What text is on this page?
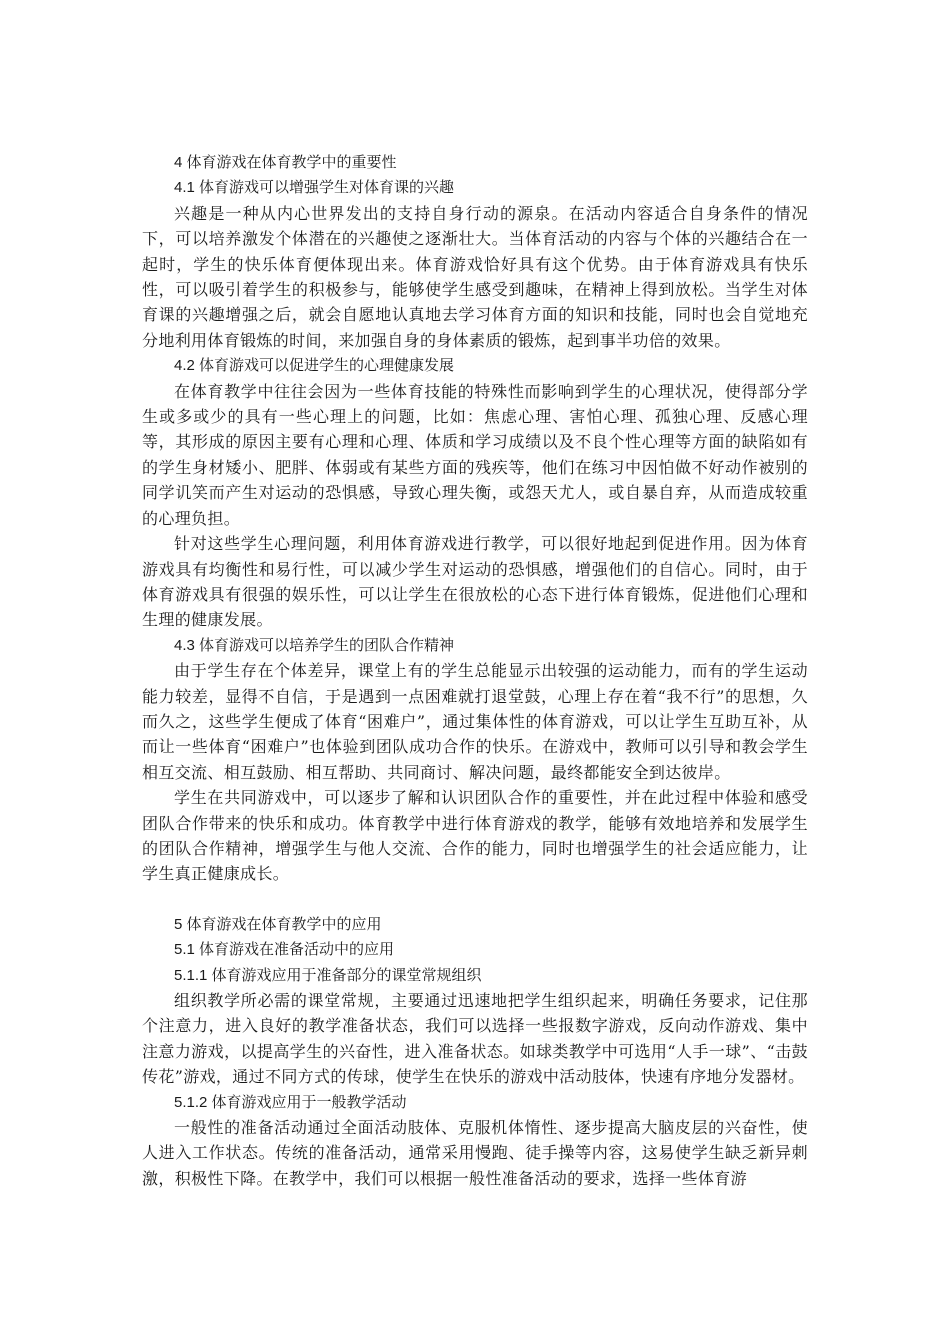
4 体育游戏在体育教学中的重要性

4.1 体育游戏可以增强学生对体育课的兴趣

兴趣是一种从内心世界发出的支持自身行动的源泉。在活动内容适合自身条件的情况下，可以培养激发个体潜在的兴趣使之逐渐壮大。当体育活动的内容与个体的兴趣结合在一起时，学生的快乐体育便体现出来。体育游戏恰好具有这个优势。由于体育游戏具有快乐性，可以吸引着学生的积极参与，能够使学生感受到趣味，在精神上得到放松。当学生对体育课的兴趣增强之后，就会自愿地认真地去学习体育方面的知识和技能，同时也会自觉地充分地利用体育锻炼的时间，来加强自身的身体素质的锻炼，起到事半功倍的效果。

4.2 体育游戏可以促进学生的心理健康发展

在体育教学中往往会因为一些体育技能的特殊性而影响到学生的心理状况，使得部分学生或多或少的具有一些心理上的问题，比如：焦虑心理、害怕心理、孤独心理、反感心理等，其形成的原因主要有心理和心理、体质和学习成绩以及不良个性心理等方面的缺陷如有的学生身材矮小、肥胖、体弱或有某些方面的残疾等，他们在练习中因怕做不好动作被别的同学讥笑而产生对运动的恐惧感，导致心理失衡，或怨天尤人，或自暴自弃，从而造成较重的心理负担。

针对这些学生心理问题，利用体育游戏进行教学，可以很好地起到促进作用。因为体育游戏具有均衡性和易行性，可以减少学生对运动的恐惧感，增强他们的自信心。同时，由于体育游戏具有很强的娱乐性，可以让学生在很放松的心态下进行体育锻炼，促进他们心理和生理的健康发展。

4.3 体育游戏可以培养学生的团队合作精神

由于学生存在个体差异，课堂上有的学生总能显示出较强的运动能力，而有的学生运动能力较差，显得不自信，于是遇到一点困难就打退堂鼓，心理上存在着“我不行”的思想，久而久之，这些学生便成了体育“困难户”，通过集体性的体育游戏，可以让学生互助互补，从而让一些体育“困难户”也体验到团队成功合作的快乐。在游戏中，教师可以引导和教会学生相互交流、相互鼓励、相互帮助、共同商讨、解决问题，最终都能安全到达彼岸。

学生在共同游戏中，可以逐步了解和认识团队合作的重要性，并在此过程中体验和感受团队合作带来的快乐和成功。体育教学中进行体育游戏的教学，能够有效地培养和发展学生的团队合作精神，增强学生与他人交流、合作的能力，同时也增强学生的社会适应能力，让学生真正健康成长。

5 体育游戏在体育教学中的应用

5.1 体育游戏在准备活动中的应用

5.1.1 体育游戏应用于准备部分的课堂常规组织

组织教学所必需的课堂常规，主要通过迅速地把学生组织起来，明确任务要求，记住那个注意力，进入良好的教学准备状态，我们可以选择一些报数字游戏，反向动作游戏、集中注意力游戏，以提高学生的兴奋性，进入准备状态。如球类教学中可选用“人手一球”、“击鼓传花”游戏，通过不同方式的传球，使学生在快乐的游戏中活动肢体，快速有序地分发器材。

5.1.2 体育游戏应用于一般教学活动

一般性的准备活动通过全面活动肢体、克服机体惰性、逐步提高大脑皮层的兴奋性，使人进入工作状态。传统的准备活动，通常采用慢跑、徒手操等内容，这易使学生缺乏新异刺激，积极性下降。在教学中，我们可以根据一般性准备活动的要求，选择一些体育游
